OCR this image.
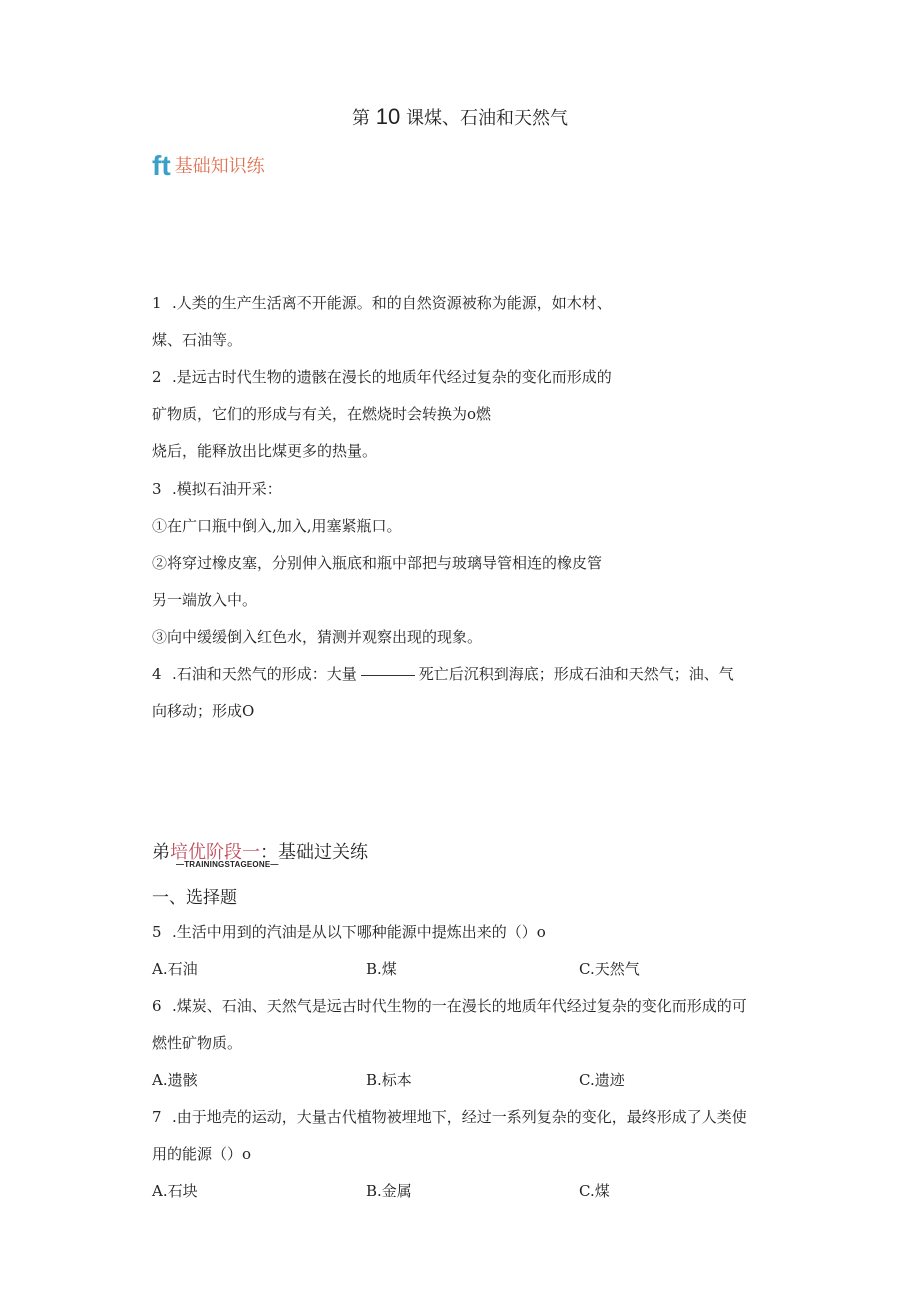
第 10 课煤、石油和天然气
ft 基础知识练
1 .人类的生产生活离不开能源。和的自然资源被称为能源，如木材、
煤、石油等。
2 .是远古时代生物的遗骸在漫长的地质年代经过复杂的变化而形成的
矿物质，它们的形成与有关，在燃烧时会转换为o燃
烧后，能释放出比煤更多的热量。
3 .模拟石油开采：
①在广口瓶中倒入,加入,用塞紧瓶口。
②将穿过橡皮塞，分别伸入瓶底和瓶中部把与玻璃导管相连的橡皮管
另一端放入中。
③向中缓缓倒入红色水，猜测并观察出现的现象。
4 .石油和天然气的形成：大量	死亡后沉积到海底；形成石油和天然气；油、气
向移动；形成O
弟培优阶段一：基础过关练
—TRAININGSTAGEONE—
一、选择题
5 .生活中用到的汽油是从以下哪种能源中提炼出来的（）o
A.石油	B.煤	C.天然气
6 .煤炭、石油、天然气是远古时代生物的一在漫长的地质年代经过复杂的变化而形成的可
燃性矿物质。
A.遗骸	B.标本	C.遗迹
7 .由于地壳的运动，大量古代植物被埋地下，经过一系列复杂的变化，最终形成了人类使
用的能源（）o
A.石块	B.金属	C.煤
